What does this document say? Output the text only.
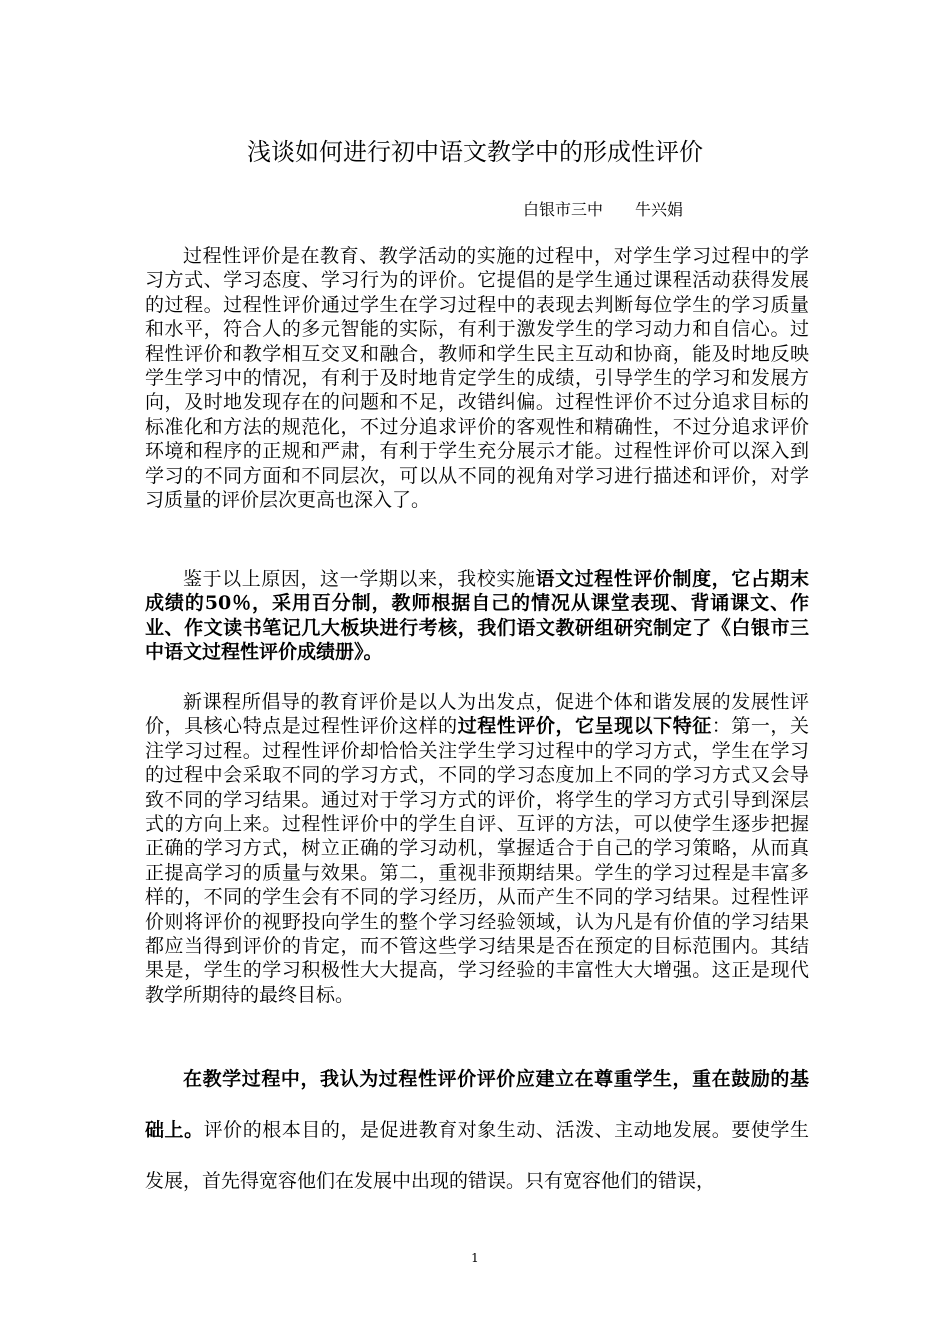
浅谈如何进行初中语文教学中的形成性评价
白银市三中　　牛兴娟

过程性评价是在教育、教学活动的实施的过程中，对学生学习过程中的学习方式、学习态度、学习行为的评价。它提倡的是学生通过课程活动获得发展的过程。过程性评价通过学生在学习过程中的表现去判断每位学生的学习质量和水平，符合人的多元智能的实际，有利于激发学生的学习动力和自信心。过程性评价和教学相互交叉和融合，教师和学生民主互动和协商，能及时地反映学生学习中的情况，有利于及时地肯定学生的成绩，引导学生的学习和发展方向，及时地发现存在的问题和不足，改错纠偏。过程性评价不过分追求目标的标准化和方法的规范化，不过分追求评价的客观性和精确性，不过分追求评价环境和程序的正规和严肃，有利于学生充分展示才能。过程性评价可以深入到学习的不同方面和不同层次，可以从不同的视角对学习进行描述和评价，对学习质量的评价层次更高也深入了。

鉴于以上原因，这一学期以来，我校实施语文过程性评价制度，它占期末成绩的50％，采用百分制，教师根据自己的情况从课堂表现、背诵课文、作业、作文读书笔记几大板块进行考核，我们语文教研组研究制定了《白银市三中语文过程性评价成绩册》。

新课程所倡导的教育评价是以人为出发点，促进个体和谐发展的发展性评价，具核心特点是过程性评价这样的过程性评价，它呈现以下特征：第一，关注学习过程。过程性评价却恰恰关注学生学习过程中的学习方式，学生在学习的过程中会采取不同的学习方式，不同的学习态度加上不同的学习方式又会导致不同的学习结果。通过对于学习方式的评价，将学生的学习方式引导到深层式的方向上来。过程性评价中的学生自评、互评的方法，可以使学生逐步把握正确的学习方式，树立正确的学习动机，掌握适合于自己的学习策略，从而真正提高学习的质量与效果。第二，重视非预期结果。学生的学习过程是丰富多样的，不同的学生会有不同的学习经历，从而产生不同的学习结果。过程性评价则将评价的视野投向学生的整个学习经验领域，认为凡是有价值的学习结果都应当得到评价的肯定，而不管这些学习结果是否在预定的目标范围内。其结果是，学生的学习积极性大大提高，学习经验的丰富性大大增强。这正是现代教学所期待的最终目标。

在教学过程中，我认为过程性评价评价应建立在尊重学生，重在鼓励的基础上。评价的根本目的，是促进教育对象生动、活泼、主动地发展。要使学生发展，首先得宽容他们在发展中出现的错误。只有宽容他们的错误，

1
